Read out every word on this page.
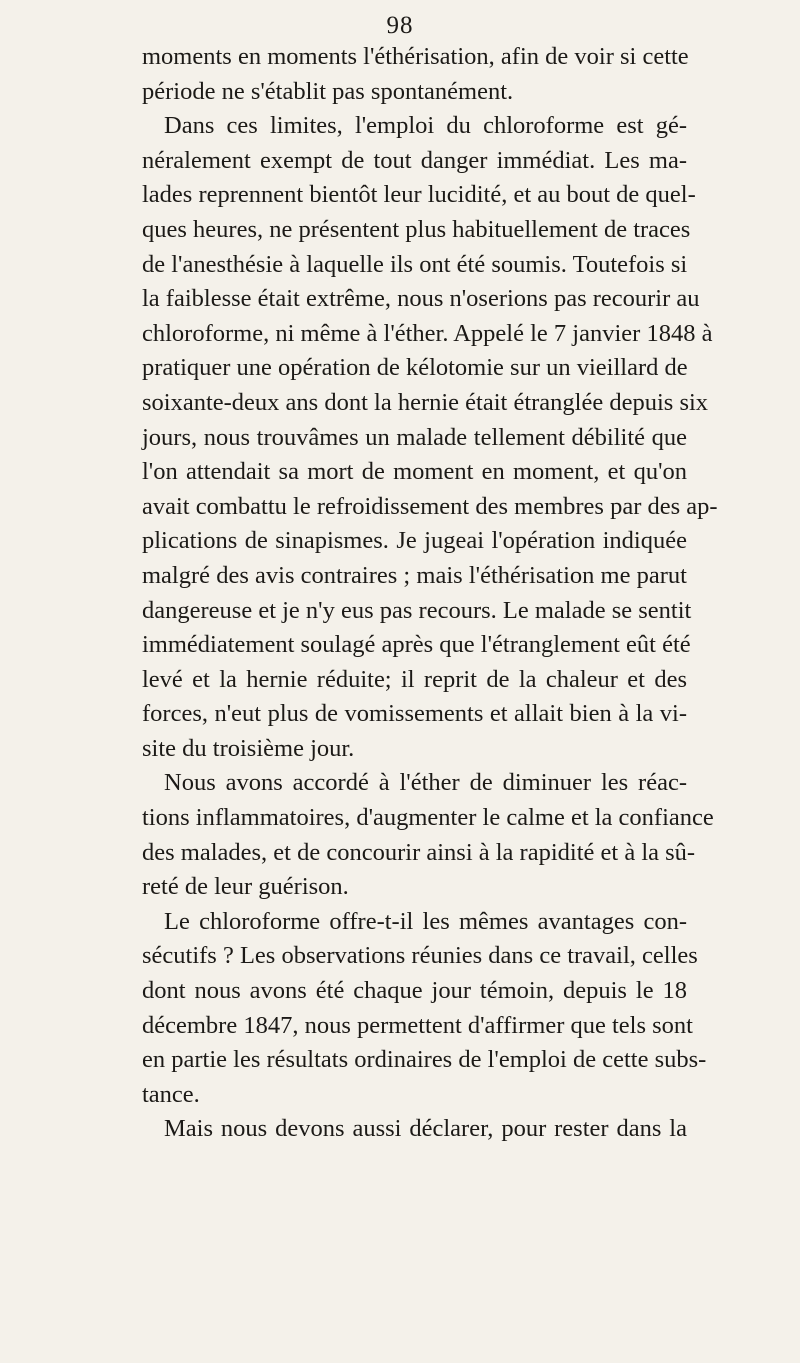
98
moments en moments l'éthérisation, afin de voir si cette
période ne s'établit pas spontanément.
Dans ces limites, l'emploi du chloroforme est gé-
néralement exempt de tout danger immédiat. Les ma-
lades reprennent bientôt leur lucidité, et au bout de quel-
ques heures, ne présentent plus habituellement de traces
de l'anesthésie à laquelle ils ont été soumis. Toutefois si
la faiblesse était extrême, nous n'oserions pas recourir au
chloroforme, ni même à l'éther. Appelé le 7 janvier 1848 à
pratiquer une opération de kélotomie sur un vieillard de
soixante-deux ans dont la hernie était étranglée depuis six
jours, nous trouvâmes un malade tellement débilité que
l'on attendait sa mort de moment en moment, et qu'on
avait combattu le refroidissement des membres par des ap-
plications de sinapismes. Je jugeai l'opération indiquée
malgré des avis contraires ; mais l'éthérisation me parut
dangereuse et je n'y eus pas recours. Le malade se sentit
immédiatement soulagé après que l'étranglement eût été
levé et la hernie réduite; il reprit de la chaleur et des
forces, n'eut plus de vomissements et allait bien à la vi-
site du troisième jour.
Nous avons accordé à l'éther de diminuer les réac-
tions inflammatoires, d'augmenter le calme et la confiance
des malades, et de concourir ainsi à la rapidité et à la sû-
reté de leur guérison.
Le chloroforme offre-t-il les mêmes avantages con-
sécutifs ? Les observations réunies dans ce travail, celles
dont nous avons été chaque jour témoin, depuis le 18
décembre 1847, nous permettent d'affirmer que tels sont
en partie les résultats ordinaires de l'emploi de cette subs-
tance.
Mais nous devons aussi déclarer, pour rester dans la
